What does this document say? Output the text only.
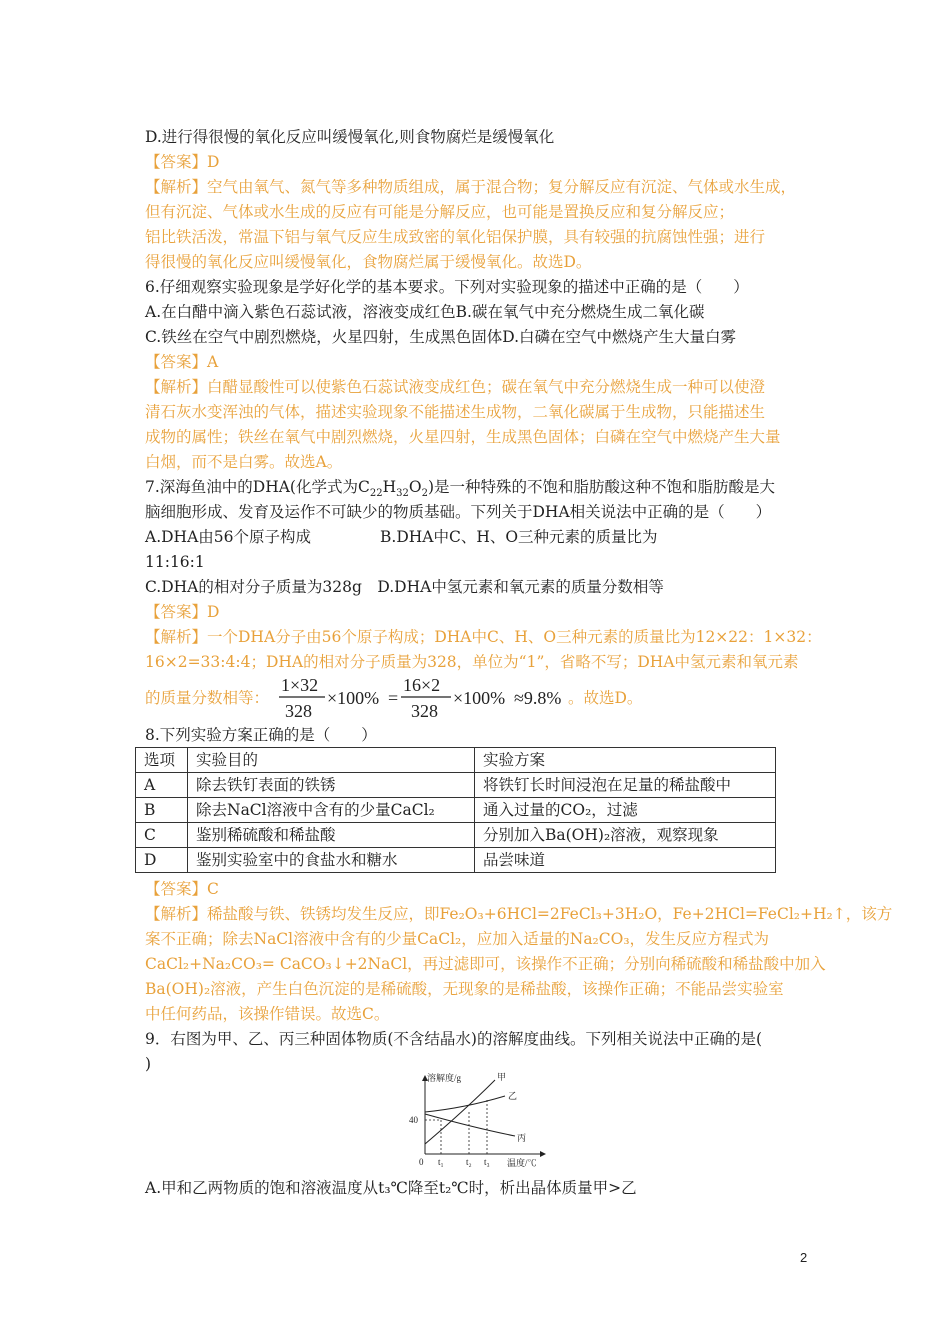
D.进行得很慢的氧化反应叫缓慢氧化,则食物腐烂是缓慢氧化
【答案】D
【解析】空气由氧气、氮气等多种物质组成，属于混合物；复分解反应有沉淀、气体或水生成，
但有沉淀、气体或水生成的反应有可能是分解反应，也可能是置换反应和复分解反应；
铝比铁活泼，常温下铝与氧气反应生成致密的氧化铝保护膜，具有较强的抗腐蚀性强；进行
得很慢的氧化反应叫缓慢氧化，食物腐烂属于缓慢氧化。故选D。
6.仔细观察实验现象是学好化学的基本要求。下列对实验现象的描述中正确的是（　　）
A.在白醋中滴入紫色石蕊试液，溶液变成红色B.碳在氧气中充分燃烧生成二氧化碳
C.铁丝在空气中剧烈燃烧，火星四射，生成黑色固体D.白磷在空气中燃烧产生大量白雾
【答案】A
【解析】白醋显酸性可以使紫色石蕊试液变成红色；碳在氧气中充分燃烧生成一种可以使澄
清石灰水变浑浊的气体，描述实验现象不能描述生成物，二氧化碳属于生成物，只能描述生
成物的属性；铁丝在氧气中剧烈燃烧，火星四射，生成黑色固体；白磷在空气中燃烧产生大量
白烟，而不是白雾。故选A。
7.深海鱼油中的DHA(化学式为$C_{22}H_{32}O_2$)是一种特殊的不饱和脂肪酸这种不饱和脂肪酸是大
脑细胞形成、发育及运作不可缺少的物质基础。下列关于DHA相关说法中正确的是（　　）
A.DHA由56个原子构成	B.DHA中C、H、O三种元素的质量比为
11:16:1
C.DHA的相对分子质量为328g　D.DHA中氢元素和氧元素的质量分数相等
【答案】D
【解析】一个DHA分子由56个原子构成；DHA中C、H、O三种元素的质量比为12×22：1×32：
16×2=33:4:4；DHA的相对分子质量为328，单位为“1”，省略不写；DHA中氢元素和氧元素
的质量分数相等：
1×32
328
×100% =
16×2
328
×100% ≈9.8% 。故选D。
8.下列实验方案正确的是（　　）
选项	实验目的	实验方案
A	除去铁钉表面的铁锈	将铁钉长时间浸泡在足量的稀盐酸中
B	除去NaCl溶液中含有的少量CaCl₂	通入过量的CO₂，过滤
C	鉴别稀硫酸和稀盐酸	分别加入Ba(OH)₂溶液，观察现象
D	鉴别实验室中的食盐水和糖水	品尝味道
【答案】C
【解析】稀盐酸与铁、铁锈均发生反应，即Fe₂O₃+6HCl=2FeCl₃+3H₂O，Fe+2HCl=FeCl₂+H₂↑，该方
案不正确；除去NaCl溶液中含有的少量CaCl₂，应加入适量的Na₂CO₃，发生反应方程式为
CaCl₂+Na₂CO₃= CaCO₃↓+2NaCl，再过滤即可，该操作不正确；分别向稀硫酸和稀盐酸中加入
Ba(OH)₂溶液，产生白色沉淀的是稀硫酸，无现象的是稀盐酸，该操作正确；不能品尝实验室
中任何药品，该操作错误。故选C。
9．右图为甲、乙、丙三种固体物质(不含结晶水)的溶解度曲线。下列相关说法中正确的是(
)
溶解度/g
温度/℃
40
0 t₁ t₂ t₃
甲
乙
丙
A.甲和乙两物质的饱和溶液温度从t₃℃降至t₂℃时，析出晶体质量甲>乙
2
